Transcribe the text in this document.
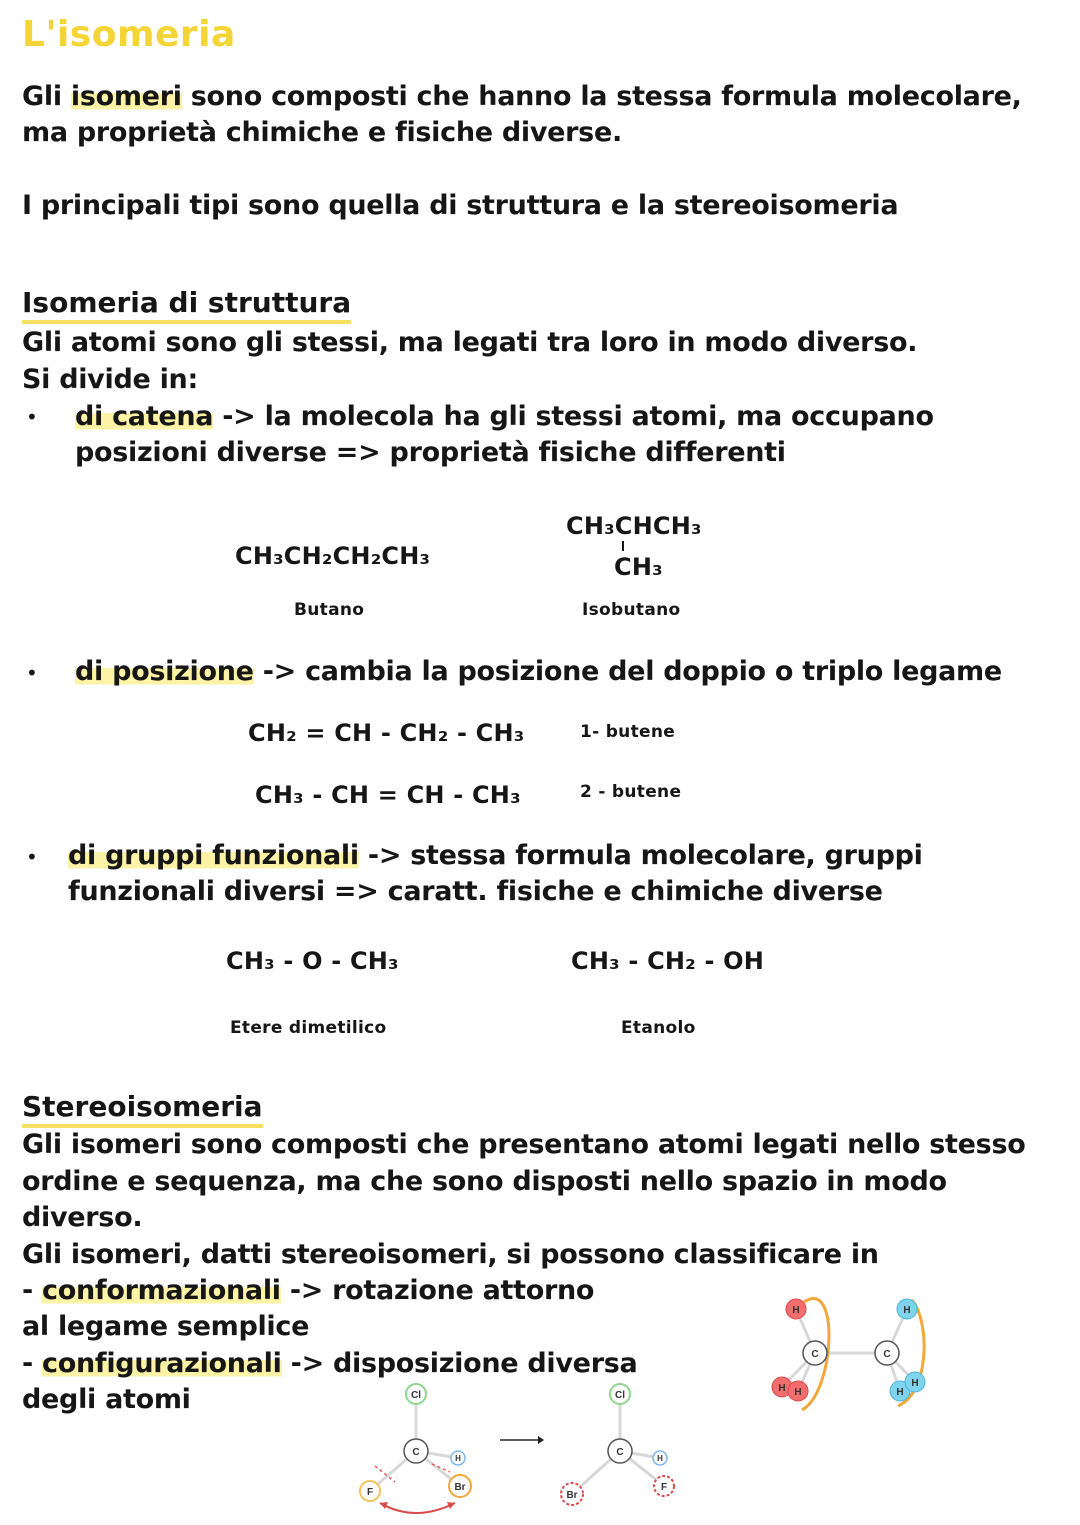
L'isomeria
Gli isomeri sono composti che hanno la stessa formula molecolare,
ma proprietà chimiche e fisiche diverse.
I principali tipi sono quella di struttura e la stereoisomeria
Isomeria di struttura
Gli atomi sono gli stessi, ma legati tra loro in modo diverso.
Si divide in:
• di catena -> la molecola ha gli stessi atomi, ma occupano
posizioni diverse => proprietà fisiche differenti
CH₃CH₂CH₂CH₃
Butano
CH₃CHCH₃
CH₃
Isobutano
• di posizione -> cambia la posizione del doppio o triplo legame
CH₂ = CH - CH₂ - CH₃	1- butene
CH₃ - CH = CH - CH₃	2 - butene
• di gruppi funzionali -> stessa formula molecolare, gruppi
funzionali diversi => caratt. fisiche e chimiche diverse
CH₃ - O - CH₃
Etere dimetilico
CH₃ - CH₂ - OH
Etanolo
Stereoisomeria
Gli isomeri sono composti che presentano atomi legati nello stesso
ordine e sequenza, ma che sono disposti nello spazio in modo
diverso.
Gli isomeri, datti stereoisomeri, si possono classificare in
- conformazionali -> rotazione attorno
al legame semplice
- configurazionali -> disposizione diversa
degli atomi
H
H H
C	C
H
H
H
Cl
C
F	Br
H
Cl
C
Br
F
H
